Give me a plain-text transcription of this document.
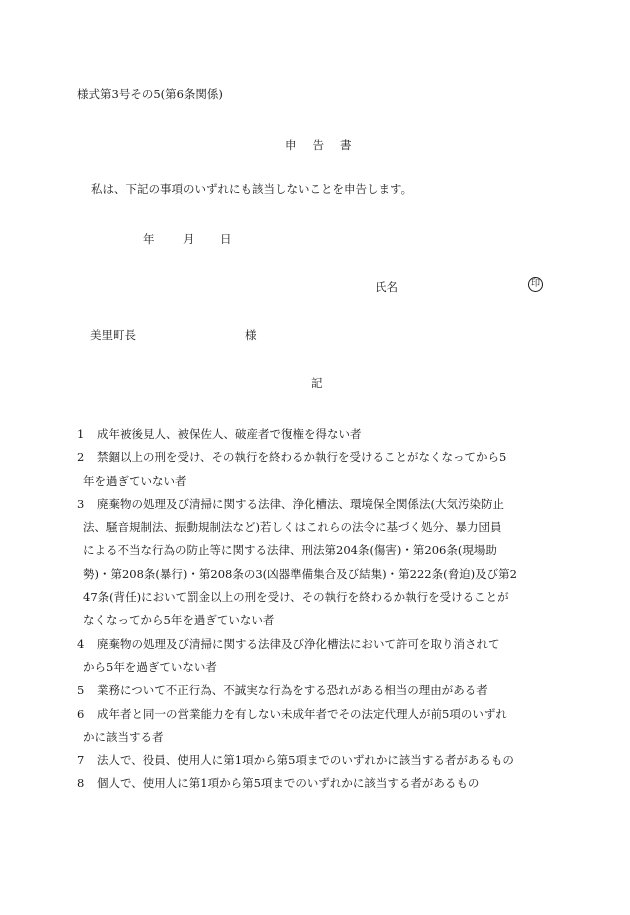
様式第3号その5(第6条関係)
申 告 書
私は、下記の事項のいずれにも該当しないことを申告します。
年 月 日
氏名	印
美里町長	様
記
1	成年被後見人、被保佐人、破産者で復権を得ない者
2	禁錮以上の刑を受け、その執行を終わるか執行を受けることがなくなってから5
年を過ぎていない者
3	廃棄物の処理及び清掃に関する法律、浄化槽法、環境保全関係法(大気汚染防止
法、騒音規制法、振動規制法など)若しくはこれらの法令に基づく処分、暴力団員
による不当な行為の防止等に関する法律、刑法第204条(傷害)・第206条(現場助
勢)・第208条(暴行)・第208条の3(凶器準備集合及び結集)・第222条(脅迫)及び第2
47条(背任)において罰金以上の刑を受け、その執行を終わるか執行を受けることが
なくなってから5年を過ぎていない者
4	廃棄物の処理及び清掃に関する法律及び浄化槽法において許可を取り消されて
から5年を過ぎていない者
5	業務について不正行為、不誠実な行為をする恐れがある相当の理由がある者
6	成年者と同一の営業能力を有しない未成年者でその法定代理人が前5項のいずれ
かに該当する者
7	法人で、役員、使用人に第1項から第5項までのいずれかに該当する者があるもの
8	個人で、使用人に第1項から第5項までのいずれかに該当する者があるもの
